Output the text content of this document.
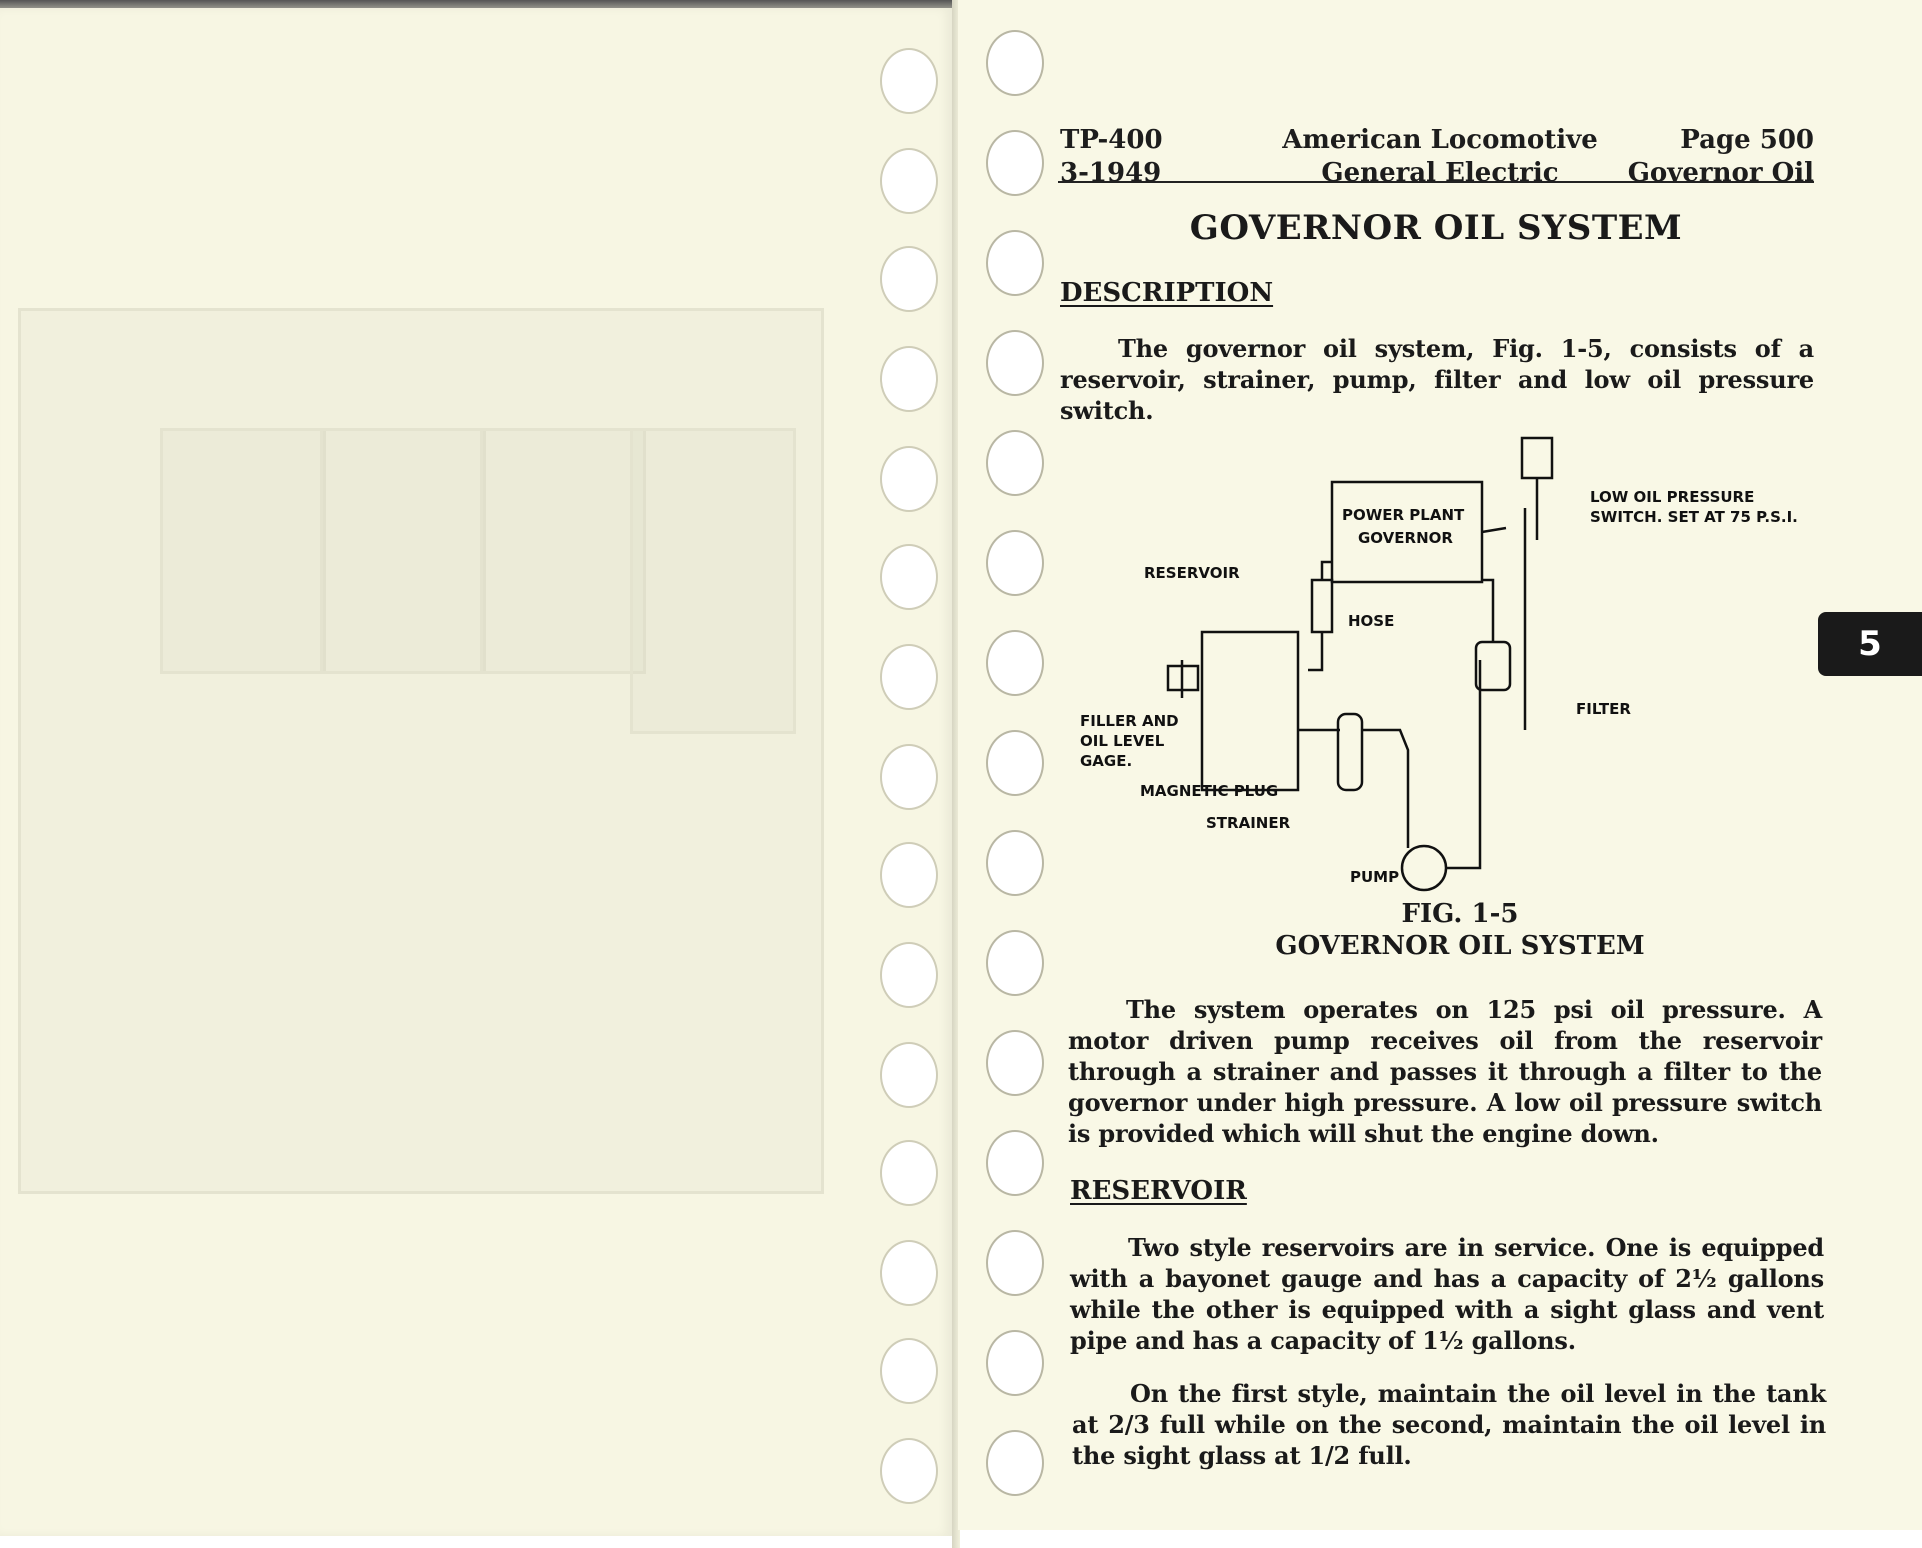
TP-400
3-1949
American Locomotive
General Electric
Page 500
Governor Oil
GOVERNOR OIL SYSTEM
DESCRIPTION
The governor oil system, Fig. 1-5, consists of a reservoir, strainer, pump, filter and low oil pressure switch.
POWER PLANT
GOVERNOR
LOW OIL PRESSURE
SWITCH. SET AT 75 P.S.I.
RESERVOIR
HOSE
FILTER
FILLER AND
OIL LEVEL
GAGE.
MAGNETIC PLUG
STRAINER
PUMP
FIG. 1-5
GOVERNOR OIL SYSTEM
The system operates on 125 psi oil pressure. A motor driven pump receives oil from the reservoir through a strainer and passes it through a filter to the governor under high pressure. A low oil pressure switch is provided which will shut the engine down.
RESERVOIR
Two style reservoirs are in service. One is equipped with a bayonet gauge and has a capacity of 2½ gallons while the other is equipped with a sight glass and vent pipe and has a capacity of 1½ gallons.
On the first style, maintain the oil level in the tank at 2/3 full while on the second, maintain the oil level in the sight glass at 1/2 full.
5
